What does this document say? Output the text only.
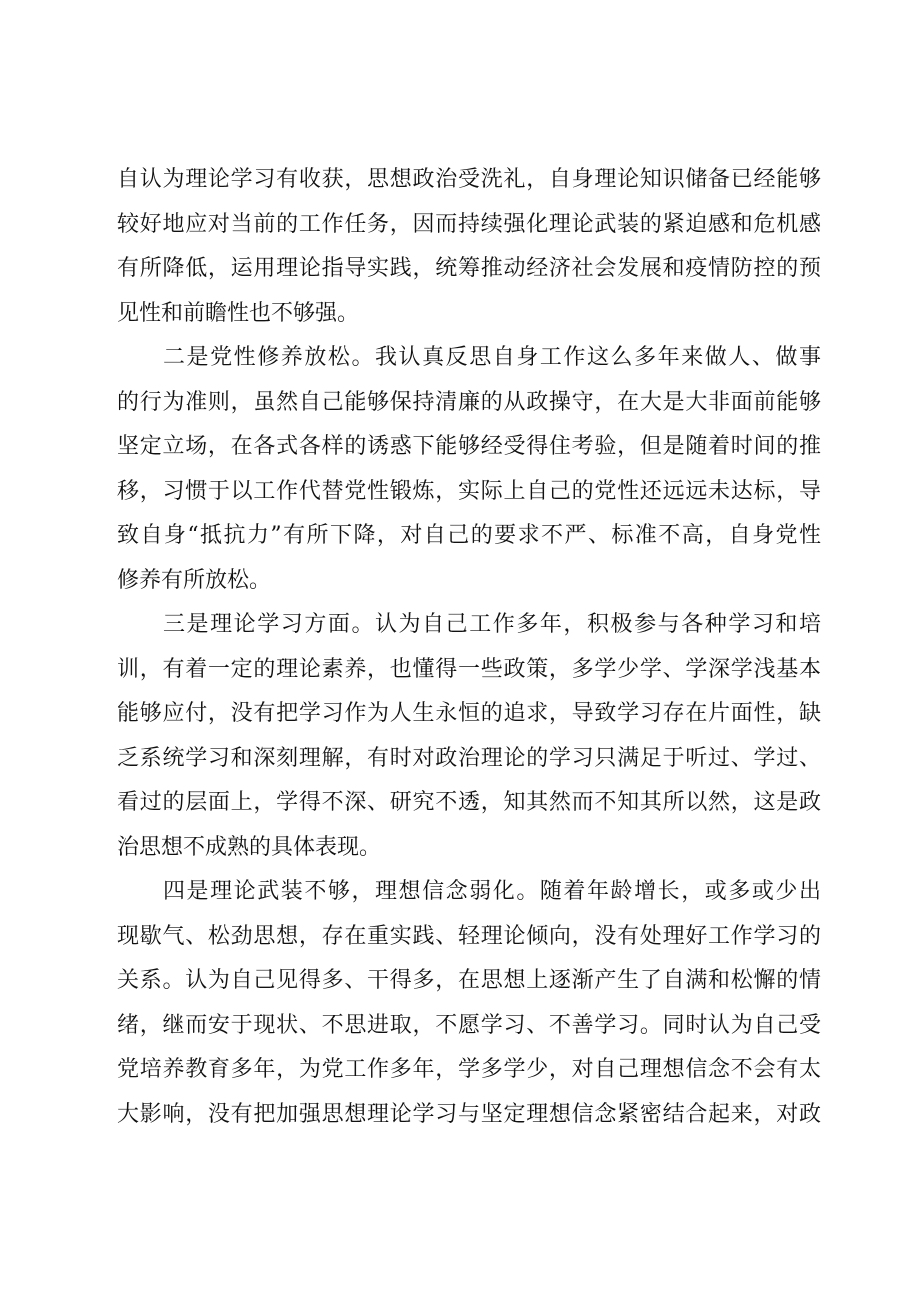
自认为理论学习有收获，思想政治受洗礼，自身理论知识储备已经能够
较好地应对当前的工作任务，因而持续强化理论武装的紧迫感和危机感
有所降低，运用理论指导实践，统筹推动经济社会发展和疫情防控的预
见性和前瞻性也不够强。
二是党性修养放松。我认真反思自身工作这么多年来做人、做事
的行为准则，虽然自己能够保持清廉的从政操守，在大是大非面前能够
坚定立场，在各式各样的诱惑下能够经受得住考验，但是随着时间的推
移，习惯于以工作代替党性锻炼，实际上自己的党性还远远未达标，导
致自身“抵抗力”有所下降，对自己的要求不严、标准不高，自身党性
修养有所放松。
三是理论学习方面。认为自己工作多年，积极参与各种学习和培
训，有着一定的理论素养，也懂得一些政策，多学少学、学深学浅基本
能够应付，没有把学习作为人生永恒的追求，导致学习存在片面性，缺
乏系统学习和深刻理解，有时对政治理论的学习只满足于听过、学过、
看过的层面上，学得不深、研究不透，知其然而不知其所以然，这是政
治思想不成熟的具体表现。
四是理论武装不够，理想信念弱化。随着年龄增长，或多或少出
现歇气、松劲思想，存在重实践、轻理论倾向，没有处理好工作学习的
关系。认为自己见得多、干得多，在思想上逐渐产生了自满和松懈的情
绪，继而安于现状、不思进取，不愿学习、不善学习。同时认为自己受
党培养教育多年，为党工作多年，学多学少，对自己理想信念不会有太
大影响，没有把加强思想理论学习与坚定理想信念紧密结合起来，对政
